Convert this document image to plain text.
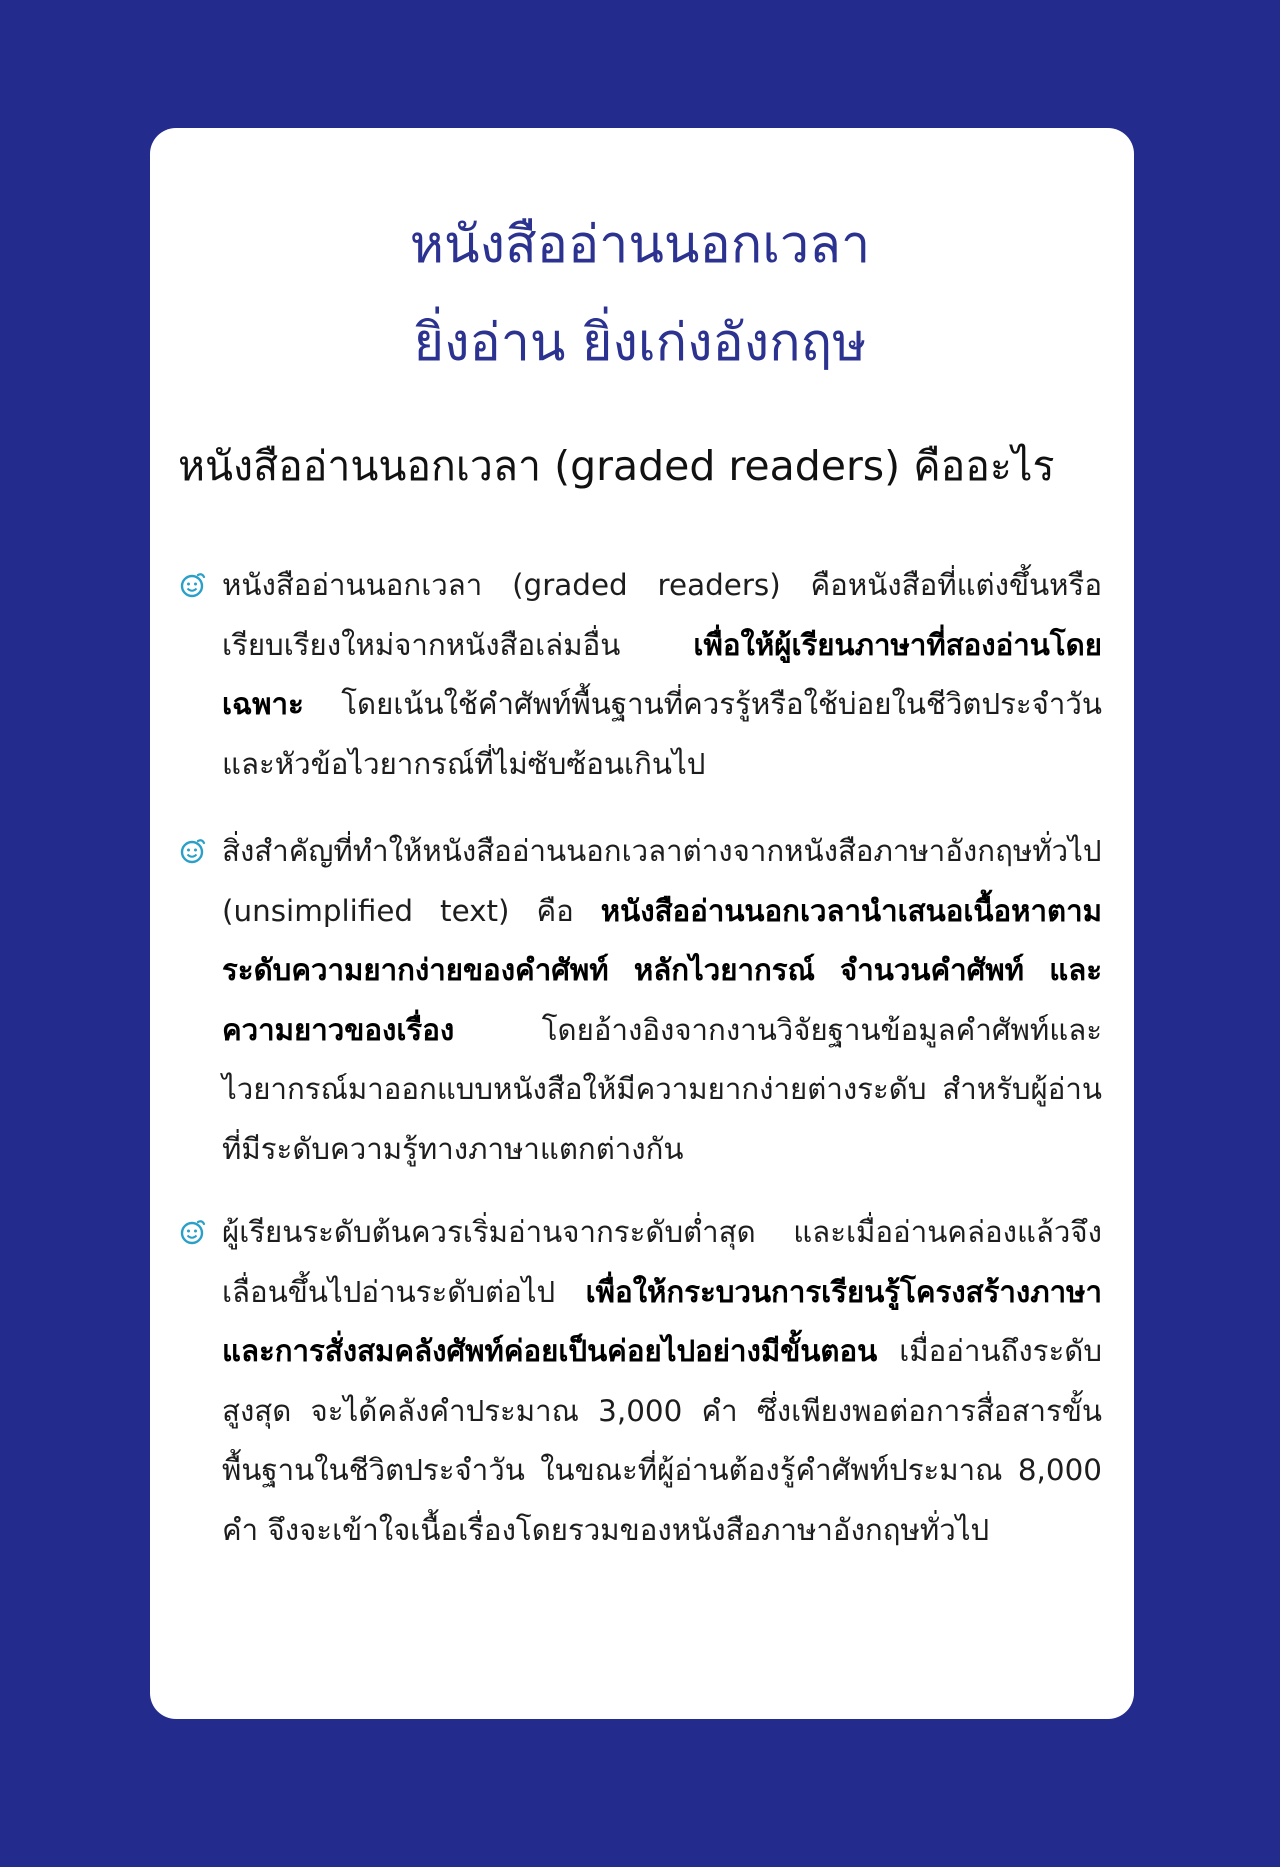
หนังสืออ่านนอกเวลา
ยิ่งอ่าน ยิ่งเก่งอังกฤษ
หนังสืออ่านนอกเวลา (graded readers) คืออะไร
หนังสืออ่านนอกเวลา (graded readers) คือหนังสือที่แต่งขึ้นหรือเรียบเรียงใหม่จากหนังสือเล่มอื่น เพื่อให้ผู้เรียนภาษาที่สองอ่านโดยเฉพาะ โดยเน้นใช้คำศัพท์พื้นฐานที่ควรรู้หรือใช้บ่อยในชีวิตประจำวันและหัวข้อไวยากรณ์ที่ไม่ซับซ้อนเกินไป
สิ่งสำคัญที่ทำให้หนังสืออ่านนอกเวลาต่างจากหนังสือภาษาอังกฤษทั่วไป (unsimplified text) คือ หนังสืออ่านนอกเวลานำเสนอเนื้อหาตามระดับความยากง่ายของคำศัพท์ หลักไวยากรณ์ จำนวนคำศัพท์ และความยาวของเรื่อง โดยอ้างอิงจากงานวิจัยฐานข้อมูลคำศัพท์และไวยากรณ์มาออกแบบหนังสือให้มีความยากง่ายต่างระดับ สำหรับผู้อ่านที่มีระดับความรู้ทางภาษาแตกต่างกัน
ผู้เรียนระดับต้นควรเริ่มอ่านจากระดับต่ำสุด และเมื่ออ่านคล่องแล้วจึงเลื่อนขึ้นไปอ่านระดับต่อไป เพื่อให้กระบวนการเรียนรู้โครงสร้างภาษาและการสั่งสมคลังศัพท์ค่อยเป็นค่อยไปอย่างมีขั้นตอน เมื่ออ่านถึงระดับสูงสุด จะได้คลังคำประมาณ 3,000 คำ ซึ่งเพียงพอต่อการสื่อสารขั้นพื้นฐานในชีวิตประจำวัน ในขณะที่ผู้อ่านต้องรู้คำศัพท์ประมาณ 8,000 คำ จึงจะเข้าใจเนื้อเรื่องโดยรวมของหนังสือภาษาอังกฤษทั่วไป
